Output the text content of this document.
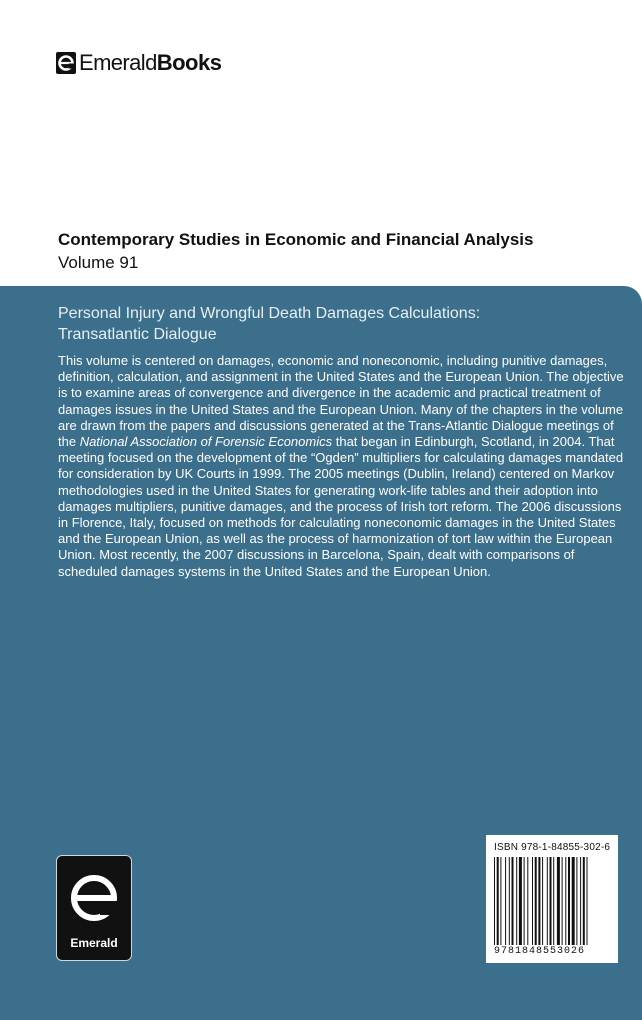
Emerald Books
Contemporary Studies in Economic and Financial Analysis
Volume 91
Personal Injury and Wrongful Death Damages Calculations:
Transatlantic Dialogue
This volume is centered on damages, economic and noneconomic, including punitive damages, definition, calculation, and assignment in the United States and the European Union. The objective is to examine areas of convergence and divergence in the academic and practical treatment of damages issues in the United States and the European Union. Many of the chapters in the volume are drawn from the papers and discussions generated at the Trans-Atlantic Dialogue meetings of the National Association of Forensic Economics that began in Edinburgh, Scotland, in 2004. That meeting focused on the development of the “Ogden” multipliers for calculating damages mandated for consideration by UK Courts in 1999. The 2005 meetings (Dublin, Ireland) centered on Markov methodologies used in the United States for generating work-life tables and their adoption into damages multipliers, punitive damages, and the process of Irish tort reform. The 2006 discussions in Florence, Italy, focused on methods for calculating noneconomic damages in the United States and the European Union, as well as the process of harmonization of tort law within the European Union. Most recently, the 2007 discussions in Barcelona, Spain, dealt with comparisons of scheduled damages systems in the United States and the European Union.
Emerald
ISBN 978-1-84855-302-6
9781848553026
